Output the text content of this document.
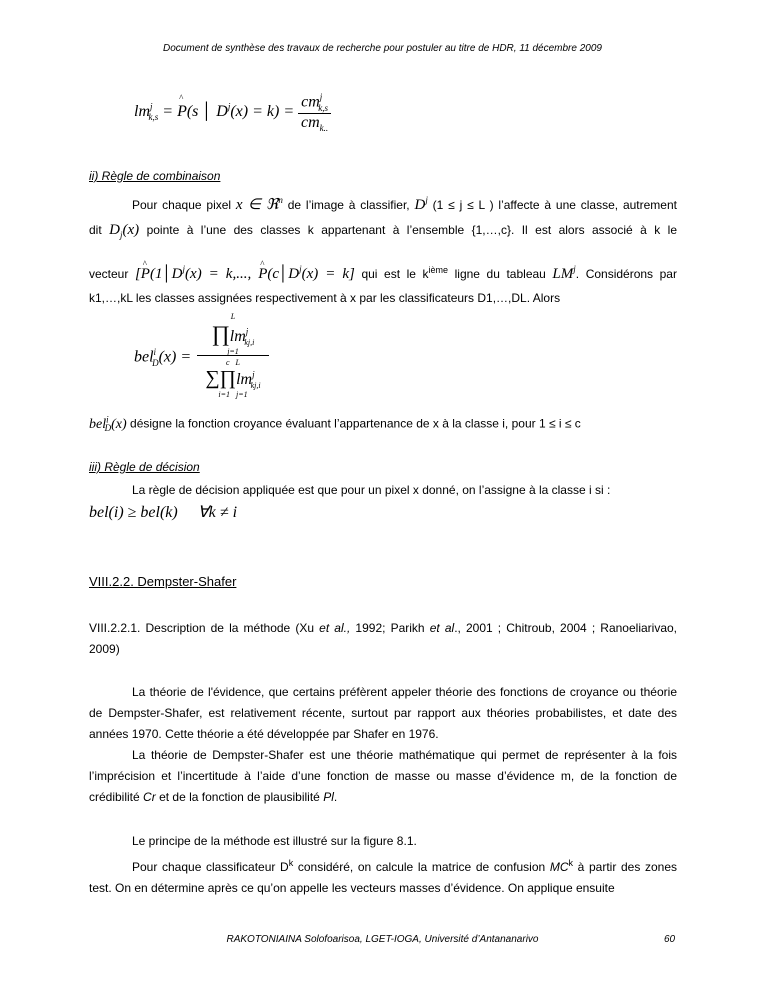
Document de synthèse des travaux de recherche pour postuler au titre de HDR, 11 décembre 2009
$lm^j_{k,s}$ = ^ P(s │ $D^j(x) = k) = \frac{cm^j_{k,s}}{cm_{k..}}$
ii) Règle de combinaison
Pour chaque pixel x ∈ ℜ$^n$ de l’image à classifier, $D^j$ (1 ≤ j ≤ L ) l’affecte à une classe, autrement
dit $D_j(x)$ pointe à l’une des classes k appartenant à l’ensemble {1,…,c}. Il est alors associé à k le
vecteur [^ $P(1│D^j(x) = k$,..., ^ $P(c│D^j(x) = k]$ qui est le $k^{ième}$ ligne du tableau $LM^j$. Considérons par
k1,…,kL les classes assignées respectivement à x par les classificateurs D1,…,DL. Alors
bel$^i_D$(x) =
L
$\prod lm^j_{kj,i}$
j=1
c   L
$\sum\prod lm^j_{kj,i}$
i=1   j=1
bel$^i_D$(x) désigne la fonction croyance évaluant l’appartenance de x à la classe i, pour 1 ≤ i ≤ c
iii) Règle de décision
La règle de décision appliquée est que pour un pixel x donné, on l’assigne à la classe i si :
bel(i) ≥ bel(k)     ∀k ≠ i
VIII.2.2. Dempster-Shafer
VIII.2.2.1. Description de la méthode (Xu et al., 1992; Parikh et al., 2001 ; Chitroub, 2004 ; Ranoeliarivao, 2009)
La théorie de l'évidence, que certains préfèrent appeler théorie des fonctions de croyance ou théorie de Dempster-Shafer, est relativement récente, surtout par rapport aux théories probabilistes, et date des années 1970. Cette théorie a été développée par Shafer en 1976.
La théorie de Dempster-Shafer est une théorie mathématique qui permet de représenter à la fois l’imprécision et l’incertitude à l’aide d’une fonction de masse ou masse d’évidence m, de la fonction de crédibilité Cr et de la fonction de plausibilité Pl.
Le principe de la méthode est illustré sur la figure 8.1.
Pour chaque classificateur $D^k$ considéré, on calcule la matrice de confusion $MC^k$ à partir des zones test. On en détermine après ce qu’on appelle les vecteurs masses d’évidence. On applique ensuite
RAKOTONIAINA Solofoarisoa, LGET-IOGA, Université d’Antananarivo	60
